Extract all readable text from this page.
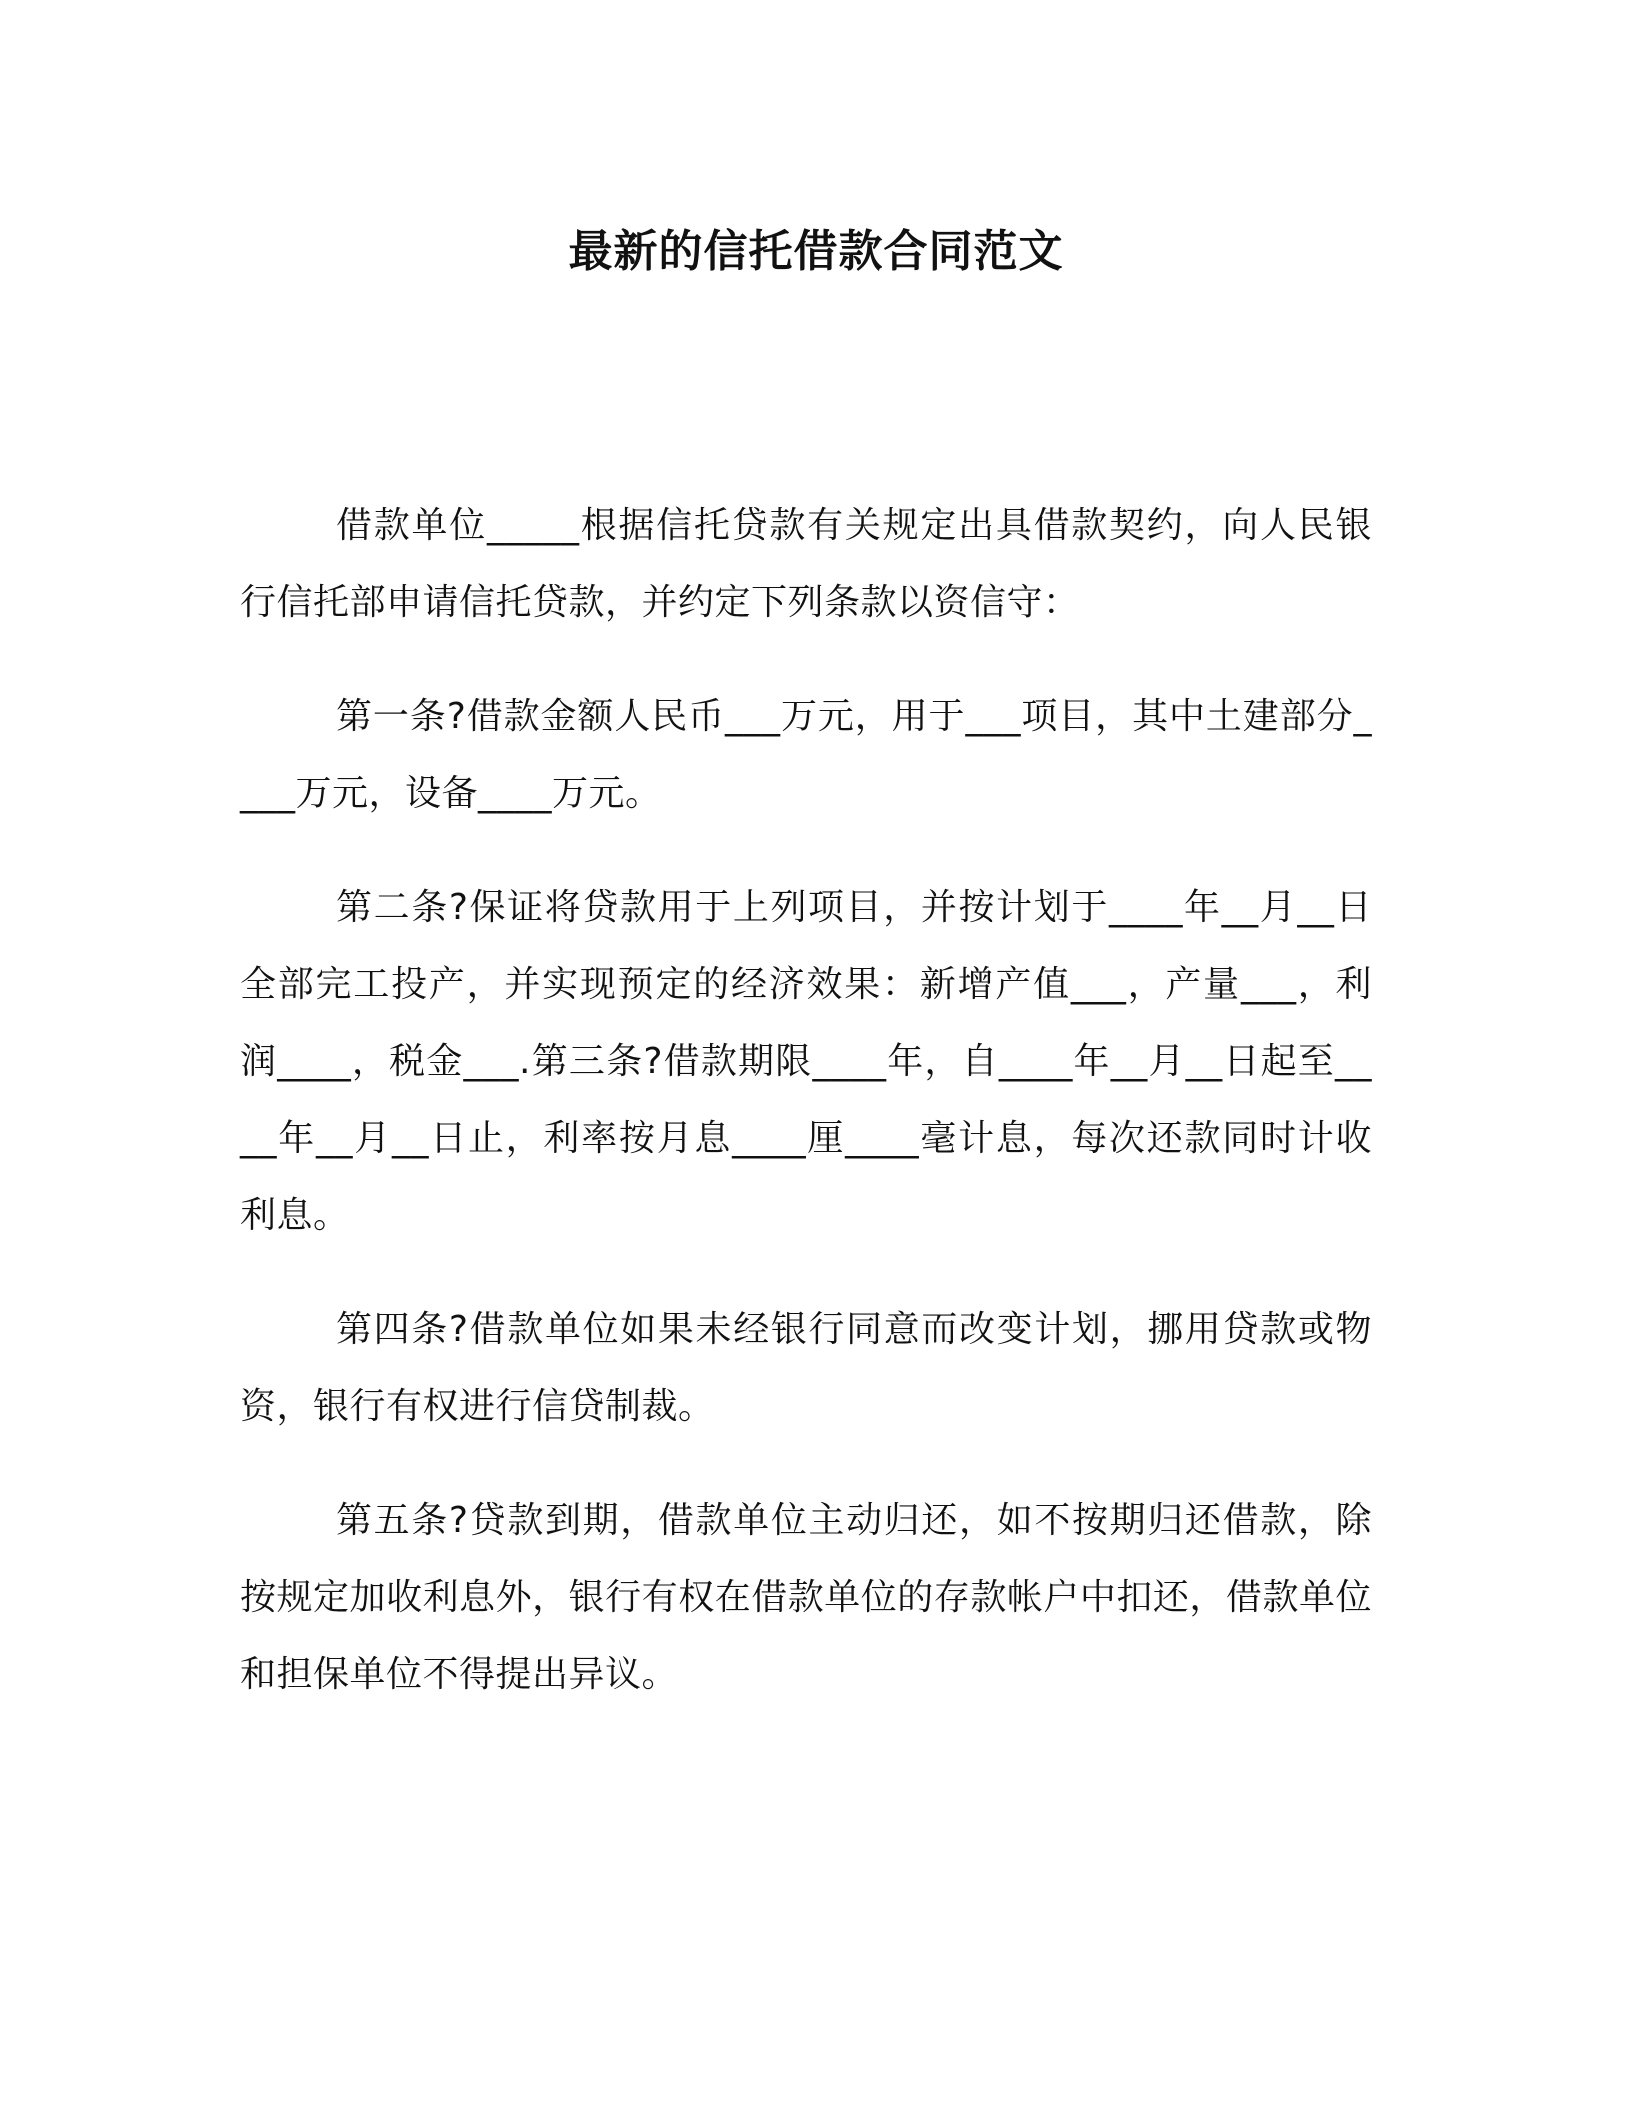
最新的信托借款合同范文

借款单位_____根据信托贷款有关规定出具借款契约，向人民银行信托部申请信托贷款，并约定下列条款以资信守：

第一条?借款金额人民币___万元，用于___项目，其中土建部分____万元，设备____万元。

第二条?保证将贷款用于上列项目，并按计划于____年__月__日全部完工投产，并实现预定的经济效果：新增产值___，产量___，利润____，税金___.第三条?借款期限____年，自____年__月__日起至____年__月__日止，利率按月息____厘____毫计息，每次还款同时计收利息。

第四条?借款单位如果未经银行同意而改变计划，挪用贷款或物资，银行有权进行信贷制裁。

第五条?贷款到期，借款单位主动归还，如不按期归还借款，除按规定加收利息外，银行有权在借款单位的存款帐户中扣还，借款单位和担保单位不得提出异议。
